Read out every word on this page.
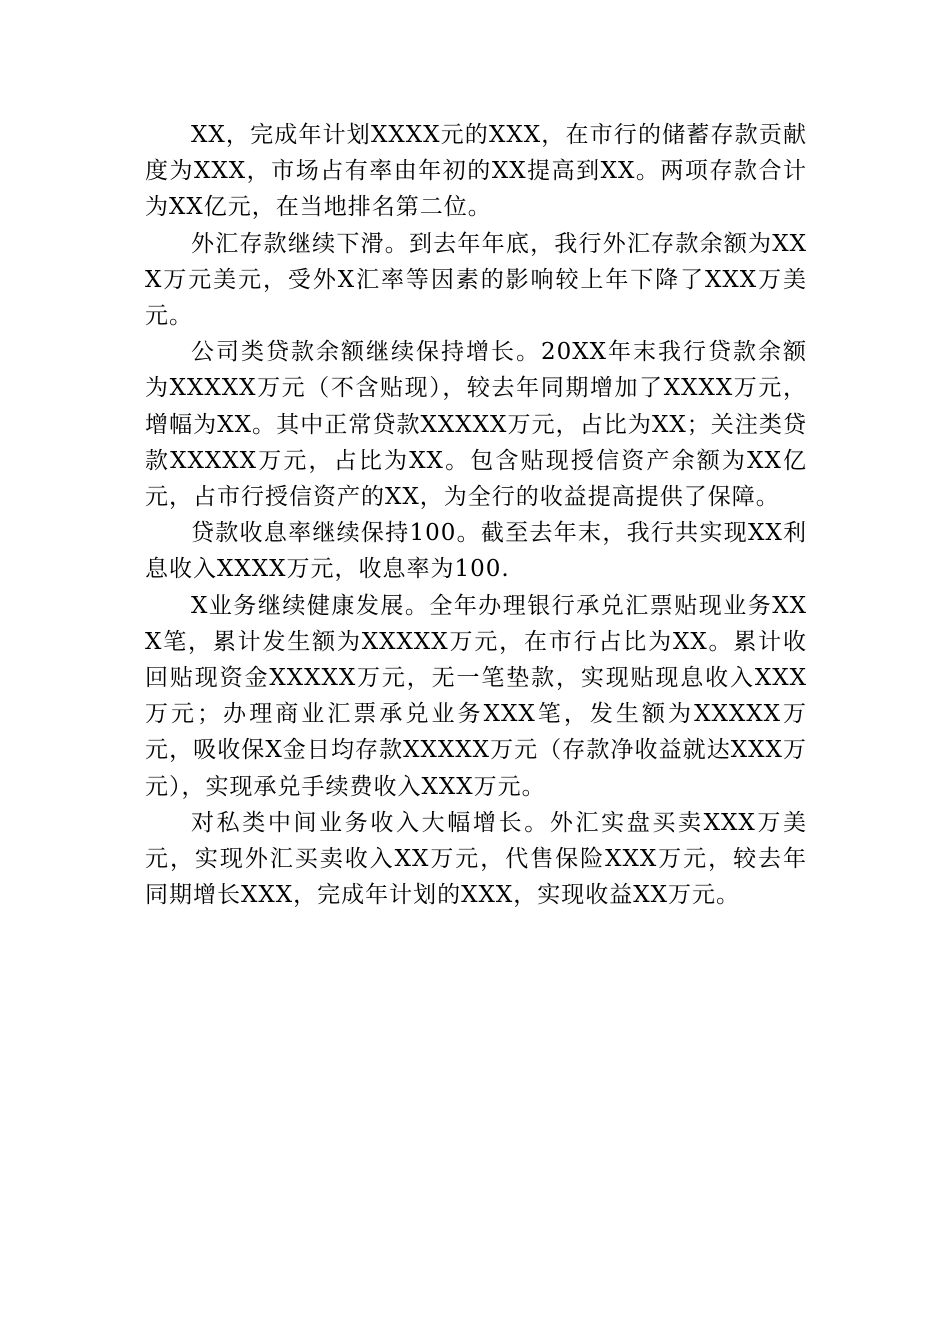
XX，完成年计划XXXX元的XXX，在市行的储蓄存款贡献度为XXX，市场占有率由年初的XX提高到XX。两项存款合计为XX亿元，在当地排名第二位。

外汇存款继续下滑。到去年年底，我行外汇存款余额为XXX万元美元，受外X汇率等因素的影响较上年下降了XXX万美元。

公司类贷款余额继续保持增长。20XX年末我行贷款余额为XXXXX万元（不含贴现），较去年同期增加了XXXX万元，增幅为XX。其中正常贷款XXXXX万元，占比为XX；关注类贷款XXXXX万元，占比为XX。包含贴现授信资产余额为XX亿元，占市行授信资产的XX，为全行的收益提高提供了保障。

贷款收息率继续保持100。截至去年末，我行共实现XX利息收入XXXX万元，收息率为100.

X业务继续健康发展。全年办理银行承兑汇票贴现业务XXX笔，累计发生额为XXXXX万元，在市行占比为XX。累计收回贴现资金XXXXX万元，无一笔垫款，实现贴现息收入XXX万元；办理商业汇票承兑业务XXX笔，发生额为XXXXX万元，吸收保X金日均存款XXXXX万元（存款净收益就达XXX万元），实现承兑手续费收入XXX万元。

对私类中间业务收入大幅增长。外汇实盘买卖XXX万美元，实现外汇买卖收入XX万元，代售保险XXX万元，较去年同期增长XXX，完成年计划的XXX，实现收益XX万元。
